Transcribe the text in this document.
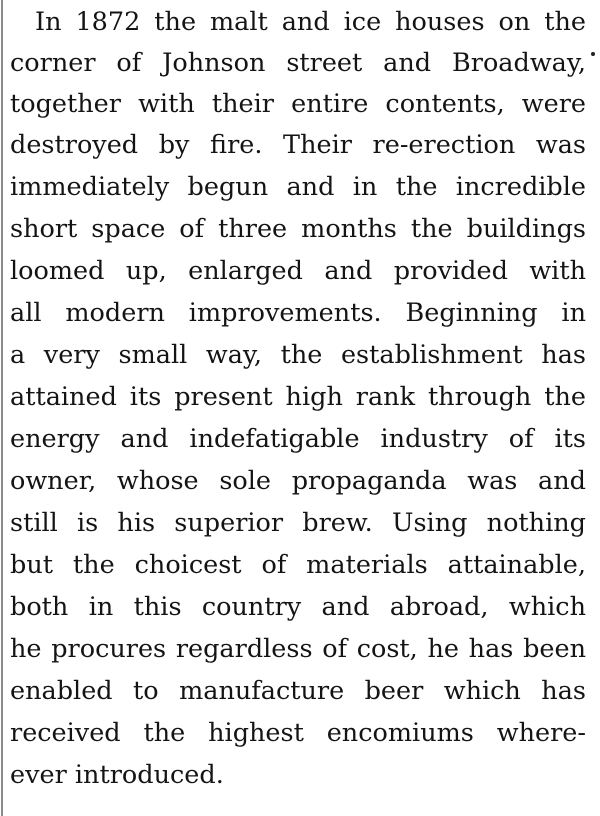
In 1872 the malt and ice houses on the
corner of Johnson street and Broadway,
together with their entire contents, were
destroyed by fire. Their re-erection was
immediately begun and in the incredible
short space of three months the buildings
loomed up, enlarged and provided with
all modern improvements. Beginning in
a very small way, the establishment has
attained its present high rank through the
energy and indefatigable industry of its
owner, whose sole propaganda was and
still is his superior brew. Using nothing
but the choicest of materials attainable,
both in this country and abroad, which
he procures regardless of cost, he has been
enabled to manufacture beer which has
received the highest encomiums where-
ever introduced.
